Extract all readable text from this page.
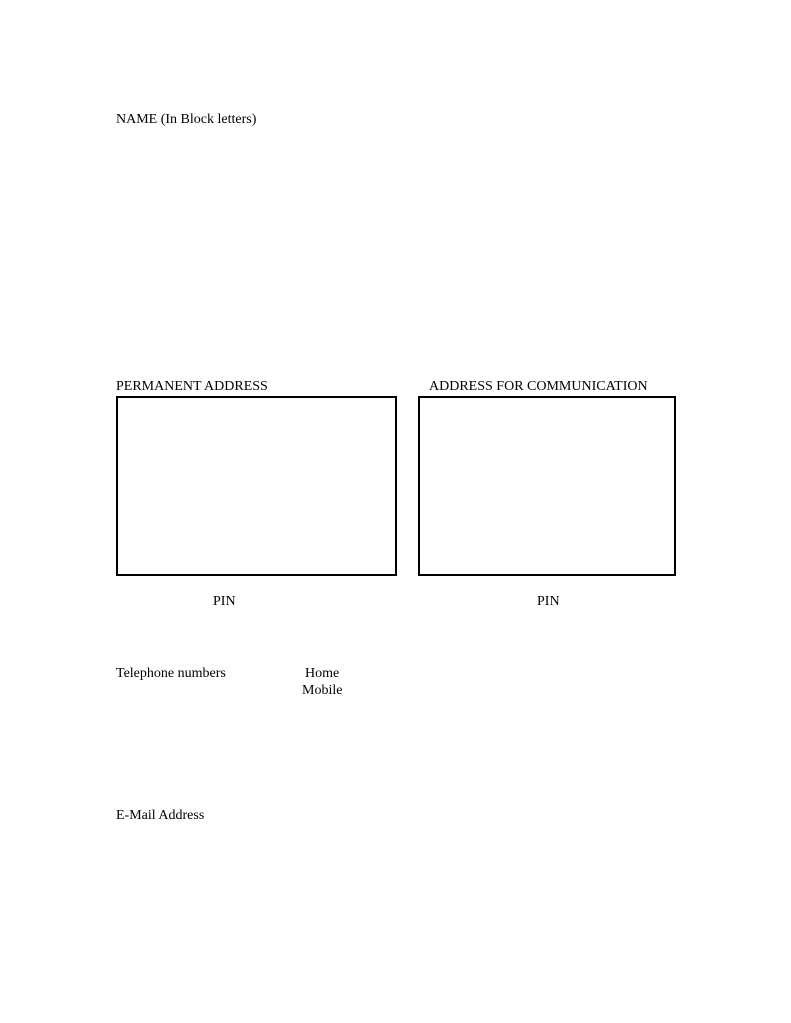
NAME (In Block letters)
PERMANENT ADDRESS	ADDRESS FOR COMMUNICATION
PIN	PIN
Telephone numbers	Home
Mobile
E-Mail Address
